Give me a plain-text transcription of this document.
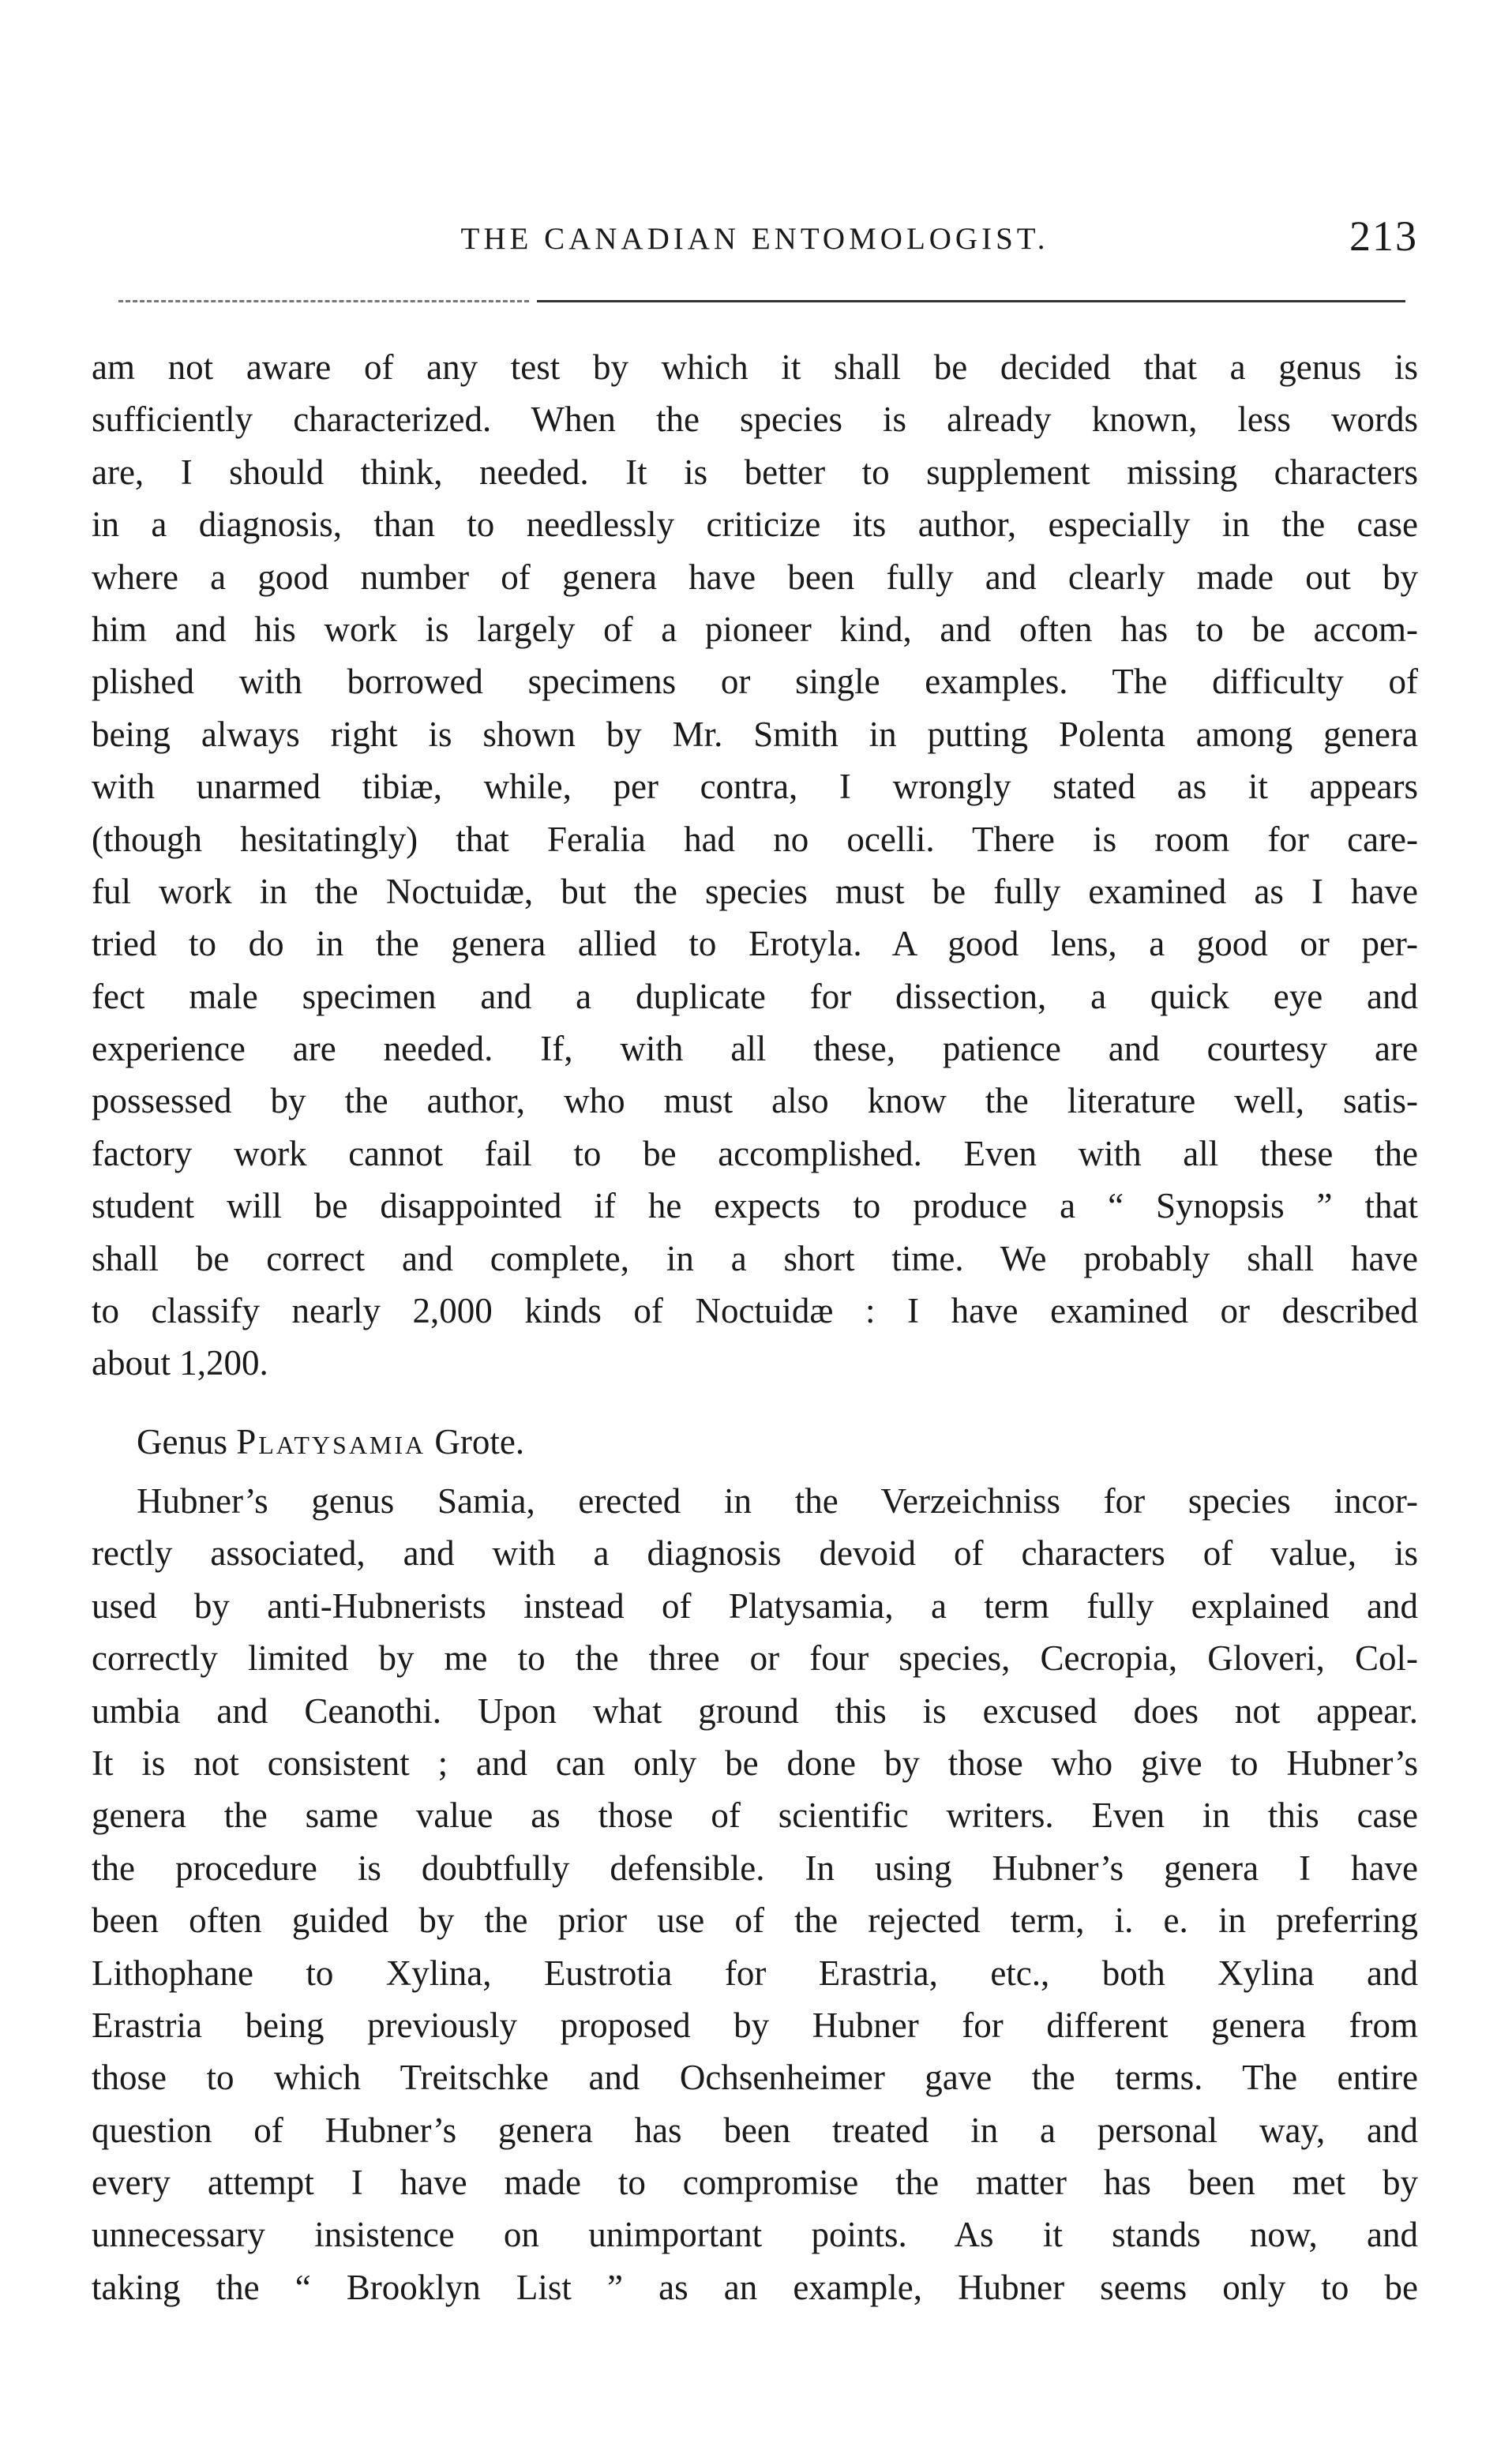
THE CANADIAN ENTOMOLOGIST.	213
am not aware of any test by which it shall be decided that a genus is
sufficiently characterized. When the species is already known, less words
are, I should think, needed. It is better to supplement missing characters
in a diagnosis, than to needlessly criticize its author, especially in the case
where a good number of genera have been fully and clearly made out by
him and his work is largely of a pioneer kind, and often has to be accom-
plished with borrowed specimens or single examples. The difficulty of
being always right is shown by Mr. Smith in putting Polenta among genera
with unarmed tibiæ, while, per contra, I wrongly stated as it appears
(though hesitatingly) that Feralia had no ocelli. There is room for care-
ful work in the Noctuidæ, but the species must be fully examined as I have
tried to do in the genera allied to Erotyla. A good lens, a good or per-
fect male specimen and a duplicate for dissection, a quick eye and
experience are needed. If, with all these, patience and courtesy are
possessed by the author, who must also know the literature well, satis-
factory work cannot fail to be accomplished. Even with all these the
student will be disappointed if he expects to produce a “ Synopsis ” that
shall be correct and complete, in a short time. We probably shall have
to classify nearly 2,000 kinds of Noctuidæ : I have examined or described
about 1,200.
Genus Platysamia Grote.
Hubner’s genus Samia, erected in the Verzeichniss for species incor-
rectly associated, and with a diagnosis devoid of characters of value, is
used by anti-Hubnerists instead of Platysamia, a term fully explained and
correctly limited by me to the three or four species, Cecropia, Gloveri, Col-
umbia and Ceanothi. Upon what ground this is excused does not appear.
It is not consistent ; and can only be done by those who give to Hubner’s
genera the same value as those of scientific writers. Even in this case
the procedure is doubtfully defensible. In using Hubner’s genera I have
been often guided by the prior use of the rejected term, i. e. in preferring
Lithophane to Xylina, Eustrotia for Erastria, etc., both Xylina and
Erastria being previously proposed by Hubner for different genera from
those to which Treitschke and Ochsenheimer gave the terms. The entire
question of Hubner’s genera has been treated in a personal way, and
every attempt I have made to compromise the matter has been met by
unnecessary insistence on unimportant points. As it stands now, and
taking the “ Brooklyn List ” as an example, Hubner seems only to be
